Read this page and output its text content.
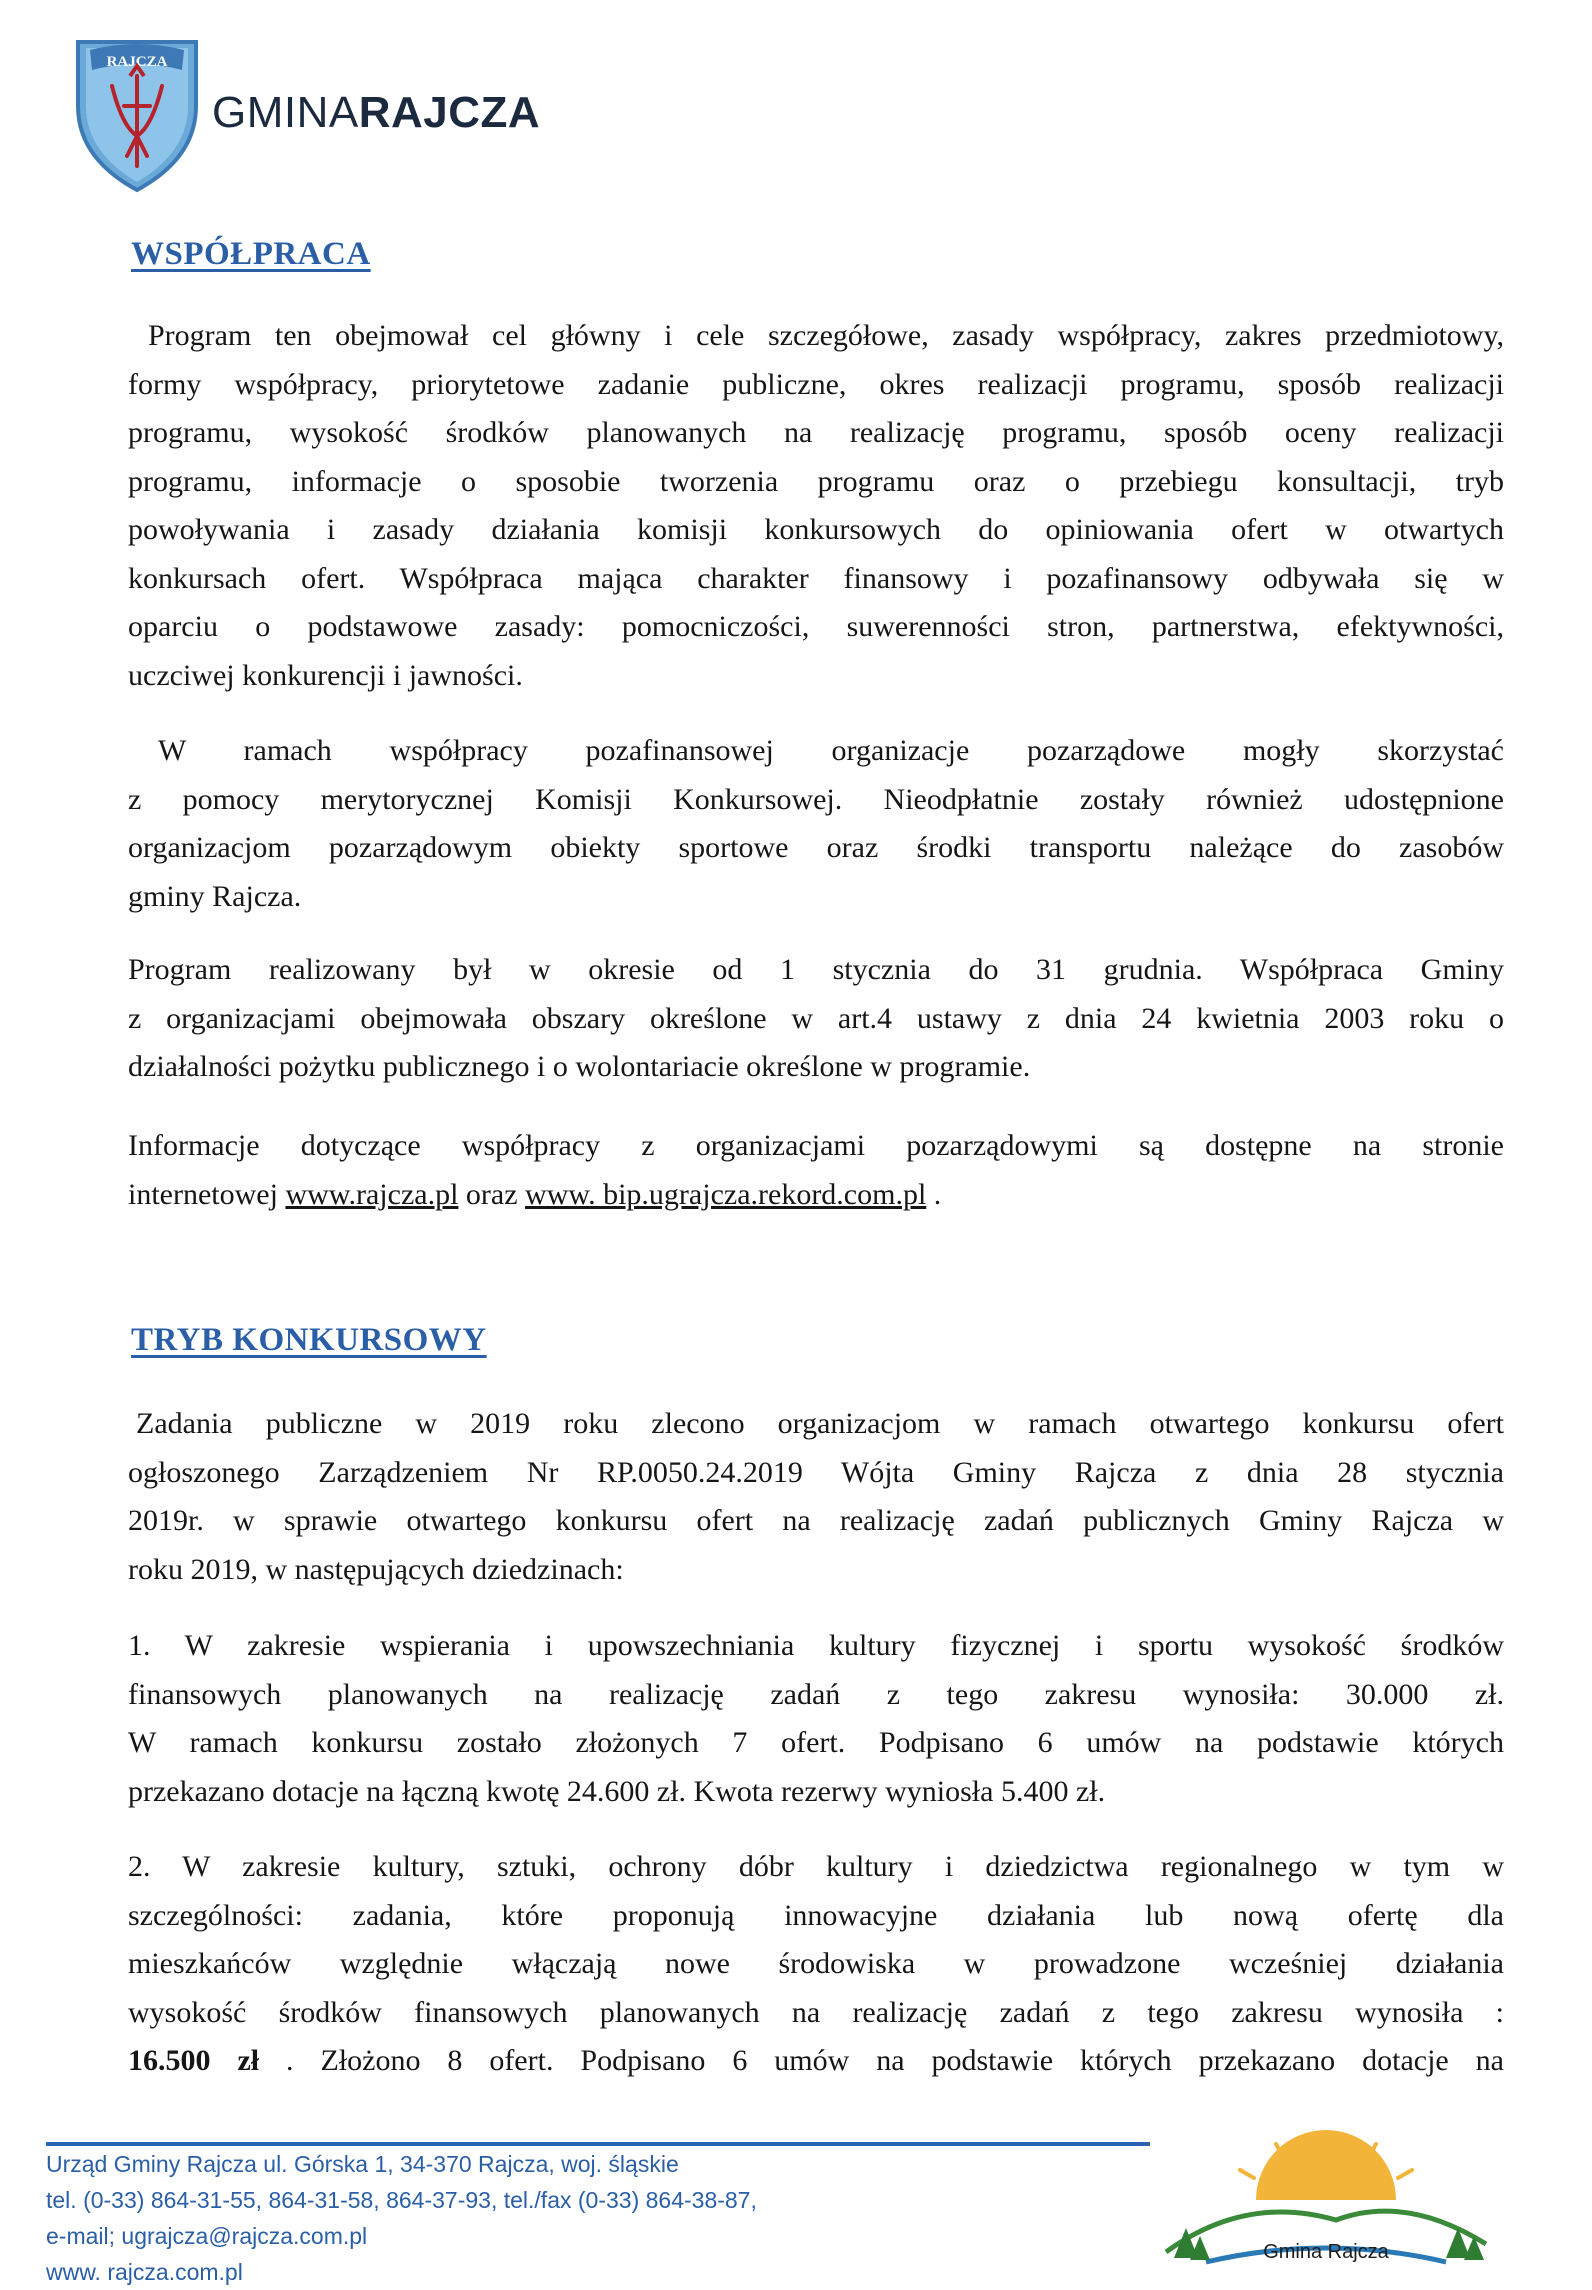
RAJCZA
GMINARAJCZA
WSPÓŁPRACA
Program ten obejmował cel główny i cele szczegółowe, zasady współpracy, zakres przedmiotowy,
formy współpracy, priorytetowe zadanie publiczne, okres realizacji programu, sposób realizacji
programu, wysokość środków planowanych na realizację programu, sposób oceny realizacji
programu, informacje o sposobie tworzenia programu oraz o przebiegu konsultacji, tryb
powoływania i zasady działania komisji konkursowych do opiniowania ofert w otwartych
konkursach ofert. Współpraca mająca charakter finansowy i pozafinansowy odbywała się w
oparciu o podstawowe zasady: pomocniczości, suwerenności stron, partnerstwa, efektywności,
uczciwej konkurencji i jawności.
W ramach współpracy pozafinansowej organizacje pozarządowe mogły skorzystać
z pomocy merytorycznej Komisji Konkursowej. Nieodpłatnie zostały również udostępnione
organizacjom pozarządowym obiekty sportowe oraz środki transportu należące do zasobów
gminy Rajcza.
Program realizowany był w okresie od 1 stycznia do 31 grudnia. Współpraca Gminy
z organizacjami obejmowała obszary określone w art.4 ustawy z dnia 24 kwietnia 2003 roku o
działalności pożytku publicznego i o wolontariacie określone w programie.
Informacje dotyczące współpracy z organizacjami pozarządowymi są dostępne na stronie
internetowej www.rajcza.pl oraz www. bip.ugrajcza.rekord.com.pl .
TRYB KONKURSOWY
Zadania publiczne w 2019 roku zlecono organizacjom w ramach otwartego konkursu ofert
ogłoszonego Zarządzeniem Nr RP.0050.24.2019 Wójta Gminy Rajcza z dnia 28 stycznia
2019r. w sprawie otwartego konkursu ofert na realizację zadań publicznych Gminy Rajcza w
roku 2019, w następujących dziedzinach:
1. W zakresie wspierania i upowszechniania kultury fizycznej i sportu wysokość środków
finansowych planowanych na realizację zadań z tego zakresu wynosiła: 30.000 zł.
W ramach konkursu zostało złożonych 7 ofert. Podpisano 6 umów na podstawie których
przekazano dotacje na łączną kwotę 24.600 zł. Kwota rezerwy wyniosła 5.400 zł.
2. W zakresie kultury, sztuki, ochrony dóbr kultury i dziedzictwa regionalnego w tym w
szczególności: zadania, które proponują innowacyjne działania lub nową ofertę dla
mieszkańców względnie włączają nowe środowiska w prowadzone wcześniej działania
wysokość środków finansowych planowanych na realizację zadań z tego zakresu wynosiła :
16.500 zł . Złożono 8 ofert. Podpisano 6 umów na podstawie których przekazano dotacje na
Urząd Gminy Rajcza ul. Górska 1, 34-370 Rajcza, woj. śląskie
tel. (0-33) 864-31-55, 864-31-58, 864-37-93, tel./fax (0-33) 864-38-87,
e-mail; ugrajcza@rajcza.com.pl
www. rajcza.com.pl
Gmina Rajcza
